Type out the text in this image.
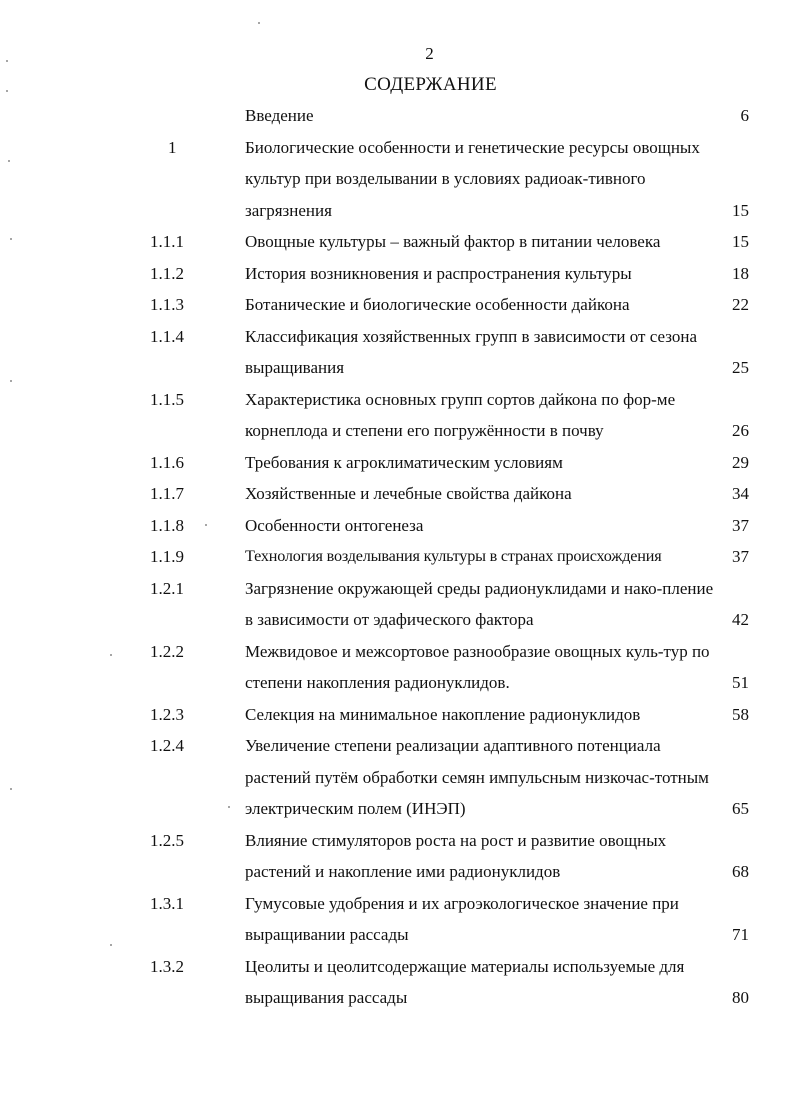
2
СОДЕРЖАНИЕ
Введение	6
1	Биологические особенности и генетические ресурсы овощных культур при возделывании в условиях радиоак-тивного загрязнения	15
1.1.1	Овощные культуры – важный фактор в питании человека	15
1.1.2	История возникновения и распространения культуры	18
1.1.3	Ботанические и биологические особенности дайкона	22
1.1.4	Классификация хозяйственных групп в зависимости от сезона выращивания	25
1.1.5	Характеристика основных групп сортов дайкона по фор-ме корнеплода и степени его погружённости в почву	26
1.1.6	Требования к агроклиматическим условиям	29
1.1.7	Хозяйственные и лечебные свойства дайкона	34
1.1.8	Особенности онтогенеза	37
1.1.9	Технология возделывания культуры в странах происхождения	37
1.2.1	Загрязнение окружающей среды радионуклидами и нако-пление в зависимости от эдафического фактора	42
1.2.2	Межвидовое и межсортовое разнообразие овощных куль-тур по степени накопления радионуклидов.	51
1.2.3	Селекция на минимальное накопление радионуклидов	58
1.2.4	Увеличение степени реализации адаптивного потенциала растений путём обработки семян импульсным низкочас-тотным электрическим полем (ИНЭП)	65
1.2.5	Влияние стимуляторов роста на рост и развитие овощных растений и накопление ими радионуклидов	68
1.3.1	Гумусовые удобрения и их агроэкологическое значение при выращивании рассады	71
1.3.2	Цеолиты и цеолитсодержащие материалы используемые для выращивания рассады	80
